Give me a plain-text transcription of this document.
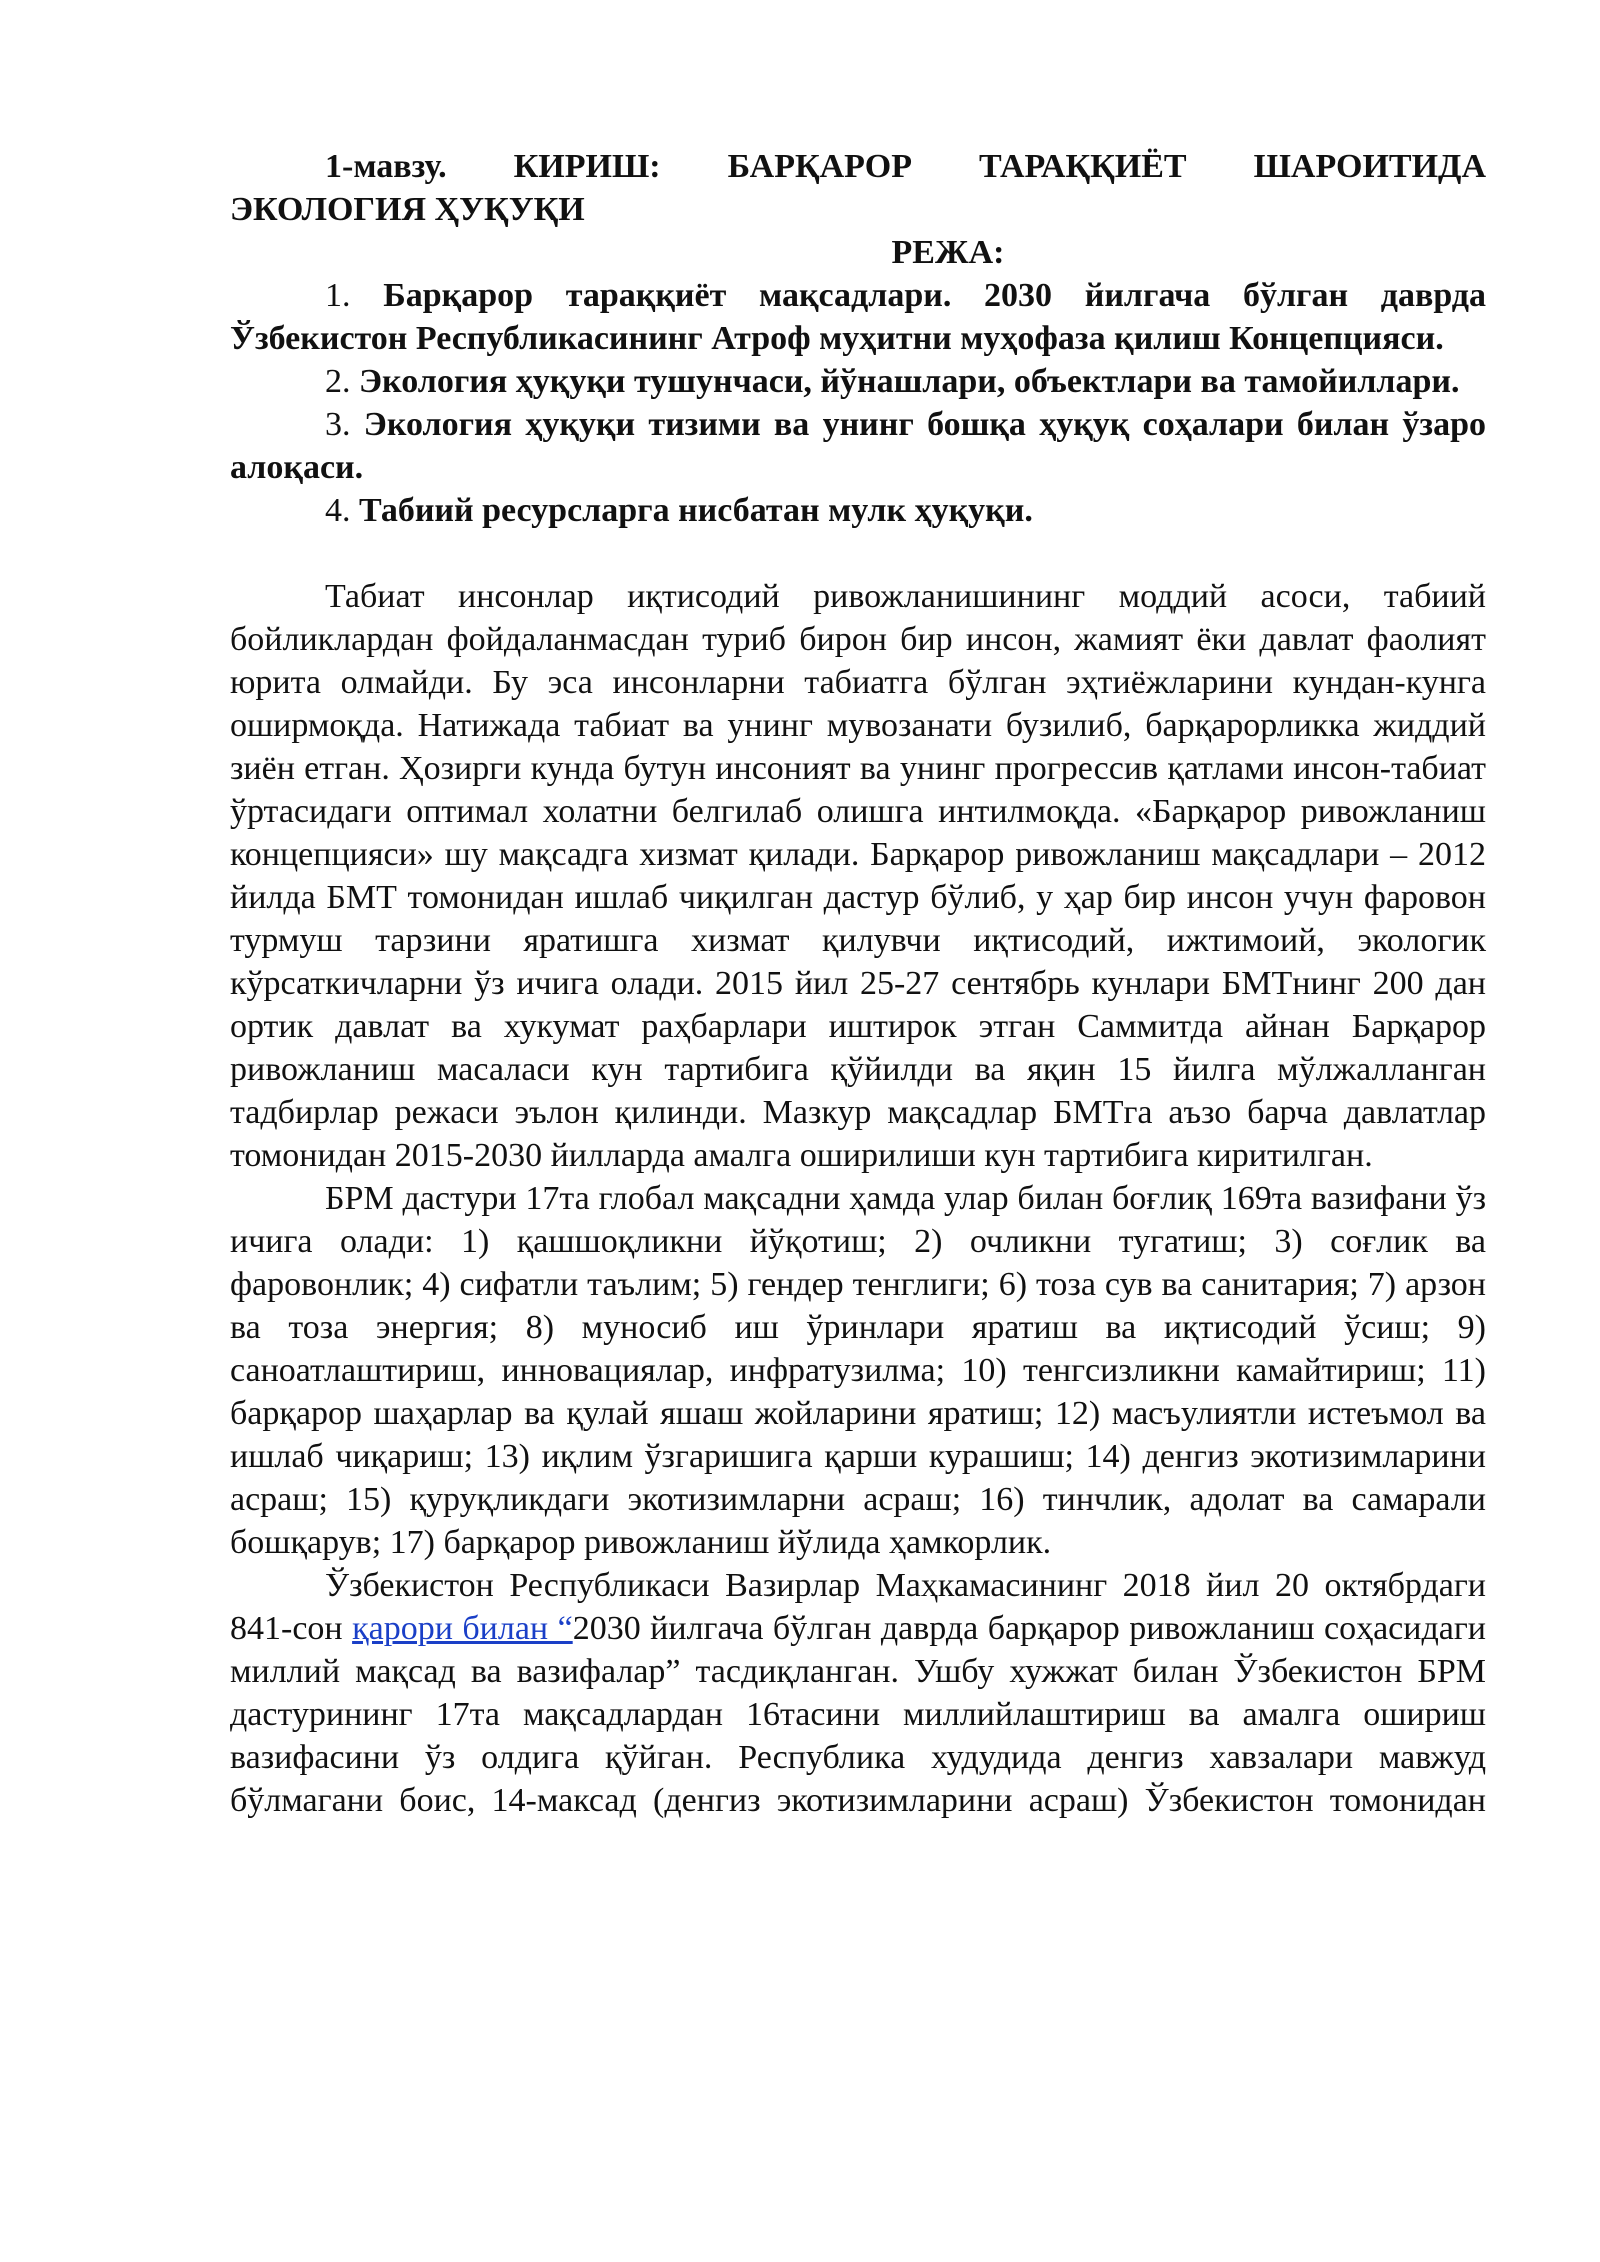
1-мавзу. КИРИШ: БАРҚАРОР ТАРАҚҚИЁТ ШАРОИТИДА

ЭКОЛОГИЯ ҲУҚУҚИ

РЕЖА:

1. Барқарор тараққиёт мақсадлари. 2030 йилгача бўлган даврда Ўзбекистон Республикасининг Атроф муҳитни муҳофаза қилиш Концепцияси.

2. Экология ҳуқуқи тушунчаси, йўнашлари, объектлари ва тамойиллари.

3. Экология ҳуқуқи тизими ва унинг бошқа ҳуқуқ соҳалари билан ўзаро алоқаси.

4. Табиий ресурсларга нисбатан мулк ҳуқуқи.

Табиат инсонлар иқтисодий ривожланишининг моддий асоси, табиий бойликлардан фойдаланмасдан туриб бирон бир инсон, жамият ёки давлат фаолият юрита олмайди. Бу эса инсонларни табиатга бўлган эҳтиёжларини кундан-кунга оширмоқда. Натижада табиат ва унинг мувозанати бузилиб, барқарорликка жиддий зиён етган. Ҳозирги кунда бутун инсоният ва унинг прогрессив қатлами инсон-табиат ўртасидаги оптимал холатни белгилаб олишга интилмоқда. «Барқарор ривожланиш концепцияси» шу мақсадга хизмат қилади. Барқарор ривожланиш мақсадлари – 2012 йилда БМТ томонидан ишлаб чиқилган дастур бўлиб, у ҳар бир инсон учун фаровон турмуш тарзини яратишга хизмат қилувчи иқтисодий, ижтимоий, экологик кўрсаткичларни ўз ичига олади. 2015 йил 25-27 сентябрь кунлари БМТнинг 200 дан ортик давлат ва хукумат раҳбарлари иштирок этган Саммитда айнан Барқарор ривожланиш масаласи кун тартибига қўйилди ва яқин 15 йилга мўлжалланган тадбирлар режаси эълон қилинди. Мазкур мақсадлар БМТга аъзо барча давлатлар томонидан 2015-2030 йилларда амалга оширилиши кун тартибига киритилган.

БРМ дастури 17та глобал мақсадни ҳамда улар билан боғлиқ 169та вазифани ўз ичига олади: 1) қашшоқликни йўқотиш; 2) очликни тугатиш; 3) соғлик ва фаровонлик; 4) сифатли таълим; 5) гендер тенглиги; 6) тоза сув ва санитария; 7) арзон ва тоза энергия; 8) муносиб иш ўринлари яратиш ва иқтисодий ўсиш; 9) саноатлаштириш, инновациялар, инфратузилма; 10) тенгсизликни камайтириш; 11) барқарор шаҳарлар ва қулай яшаш жойларини яратиш; 12) масъулиятли истеъмол ва ишлаб чиқариш; 13) иқлим ўзгаришига қарши курашиш; 14) денгиз экотизимларини асраш; 15) қуруқликдаги экотизимларни асраш; 16) тинчлик, адолат ва самарали бошқарув; 17) барқарор ривожланиш йўлида ҳамкорлик.

Ўзбекистон Республикаси Вазирлар Маҳкамасининг 2018 йил 20 октябрдаги 841-сон қарори билан “2030 йилгача бўлган даврда барқарор ривожланиш соҳасидаги миллий мақсад ва вазифалар” тасдиқланган. Ушбу хужжат билан Ўзбекистон БРМ дастурининг 17та мақсадлардан 16тасини миллийлаштириш ва амалга ошириш вазифасини ўз олдига қўйган. Республика худудида денгиз хавзалари мавжуд бўлмагани боис, 14-максад (денгиз экотизимларини асраш) Ўзбекистон томонидан
